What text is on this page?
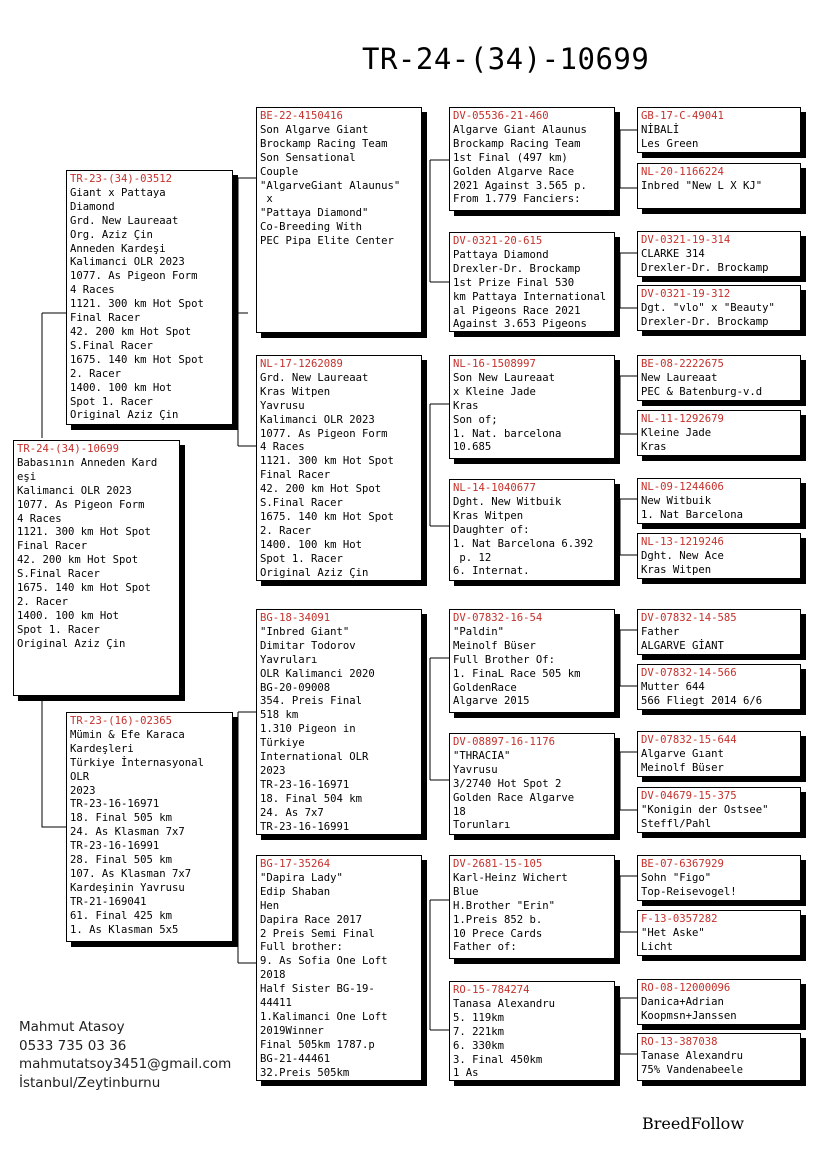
TR-24-(34)-10699
TR-24-(34)-10699
Babasının Anneden Kard
eşi
Kalimanci OLR 2023
1077. As Pigeon Form
4 Races
1121. 300 km Hot Spot
Final Racer
42. 200 km Hot Spot
S.Final Racer
1675. 140 km Hot Spot
2. Racer
1400. 100 km Hot
Spot 1. Racer
Original Aziz Çin
TR-23-(34)-03512
Giant x Pattaya
Diamond
Grd. New Laureaat
Org. Aziz Çin
Anneden Kardeşi
Kalimanci OLR 2023
1077. As Pigeon Form
4 Races
1121. 300 km Hot Spot
Final Racer
42. 200 km Hot Spot
S.Final Racer
1675. 140 km Hot Spot
2. Racer
1400. 100 km Hot
Spot 1. Racer
Original Aziz Çin
TR-23-(16)-02365
Mümin & Efe Karaca
Kardeşleri
Türkiye İnternasyonal
OLR
2023
TR-23-16-16971
18. Final 505 km
24. As Klasman 7x7
TR-23-16-16991
28. Final 505 km
107. As Klasman 7x7
Kardeşinin Yavrusu
TR-21-169041
61. Final 425 km
1. As Klasman 5x5
BE-22-4150416
Son Algarve Giant
Brockamp Racing Team
Son Sensational
Couple
"AlgarveGiant Alaunus"
x
"Pattaya Diamond"
Co-Breeding With
PEC Pipa Elite Center
NL-17-1262089
Grd. New Laureaat
Kras Witpen
Yavrusu
Kalimanci OLR 2023
1077. As Pigeon Form
4 Races
1121. 300 km Hot Spot
Final Racer
42. 200 km Hot Spot
S.Final Racer
1675. 140 km Hot Spot
2. Racer
1400. 100 km Hot
Spot 1. Racer
Original Aziz Çin
BG-18-34091
"Inbred Giant"
Dimitar Todorov
Yavruları
OLR Kalimanci 2020
BG-20-09008
354. Preis Final
518 km
1.310 Pigeon in
Türkiye
International OLR
2023
TR-23-16-16971
18. Final 504 km
24. As 7x7
TR-23-16-16991
BG-17-35264
"Dapira Lady"
Edip Shaban
Hen
Dapira Race 2017
2 Preis Semi Final
Full brother:
9. As Sofia One Loft
2018
Half Sister BG-19-
44411
1.Kalimanci One Loft
2019Winner
Final 505km 1787.p
BG-21-44461
32.Preis 505km
DV-05536-21-460
Algarve Giant Alaunus
Brockamp Racing Team
1st Final (497 km)
Golden Algarve Race
2021 Against 3.565 p.
From 1.779 Fanciers:
DV-0321-20-615
Pattaya Diamond
Drexler-Dr. Brockamp
1st Prize Final 530
km Pattaya International
al Pigeons Race 2021
Against 3.653 Pigeons
NL-16-1508997
Son New Laureaat
x Kleine Jade
Kras
Son of;
1. Nat. barcelona
10.685
NL-14-1040677
Dght. New Witbuik
Kras Witpen
Daughter of:
1. Nat Barcelona 6.392
p. 12
6. Internat.
DV-07832-16-54
"Paldin"
Meinolf Büser
Full Brother Of:
1. FinaL Race 505 km
GoldenRace
Algarve 2015
DV-08897-16-1176
"THRACIA"
Yavrusu
3/2740 Hot Spot 2
Golden Race Algarve
18
Torunları
DV-2681-15-105
Karl-Heinz Wichert
Blue
H.Brother "Erin"
1.Preis 852 b.
10 Prece Cards
Father of:
RO-15-784274
Tanasa Alexandru
5. 119km
7. 221km
6. 330km
3. Final 450km
1 As
GB-17-C-49041
NİBALİ
Les Green
NL-20-1166224
Inbred "New L X KJ"
DV-0321-19-314
CLARKE 314
Drexler-Dr. Brockamp
DV-0321-19-312
Dgt. "vlo" x "Beauty"
Drexler-Dr. Brockamp
BE-08-2222675
New Laureaat
PEC & Batenburg-v.d
NL-11-1292679
Kleine Jade
Kras
NL-09-1244606
New Witbuik
1. Nat Barcelona
NL-13-1219246
Dght. New Ace
Kras Witpen
DV-07832-14-585
Father
ALGARVE GİANT
DV-07832-14-566
Mutter 644
566 Fliegt 2014 6/6
DV-07832-15-644
Algarve Gıant
Meinolf Büser
DV-04679-15-375
"Konigin der Ostsee"
Steffl/Pahl
BE-07-6367929
Sohn "Figo"
Top-Reisevogel!
F-13-0357282
"Het Aske"
Licht
RO-08-12000096
Danica+Adrian
Koopmsn+Janssen
RO-13-387038
Tanase Alexandru
75% Vandenabeele
Mahmut Atasoy
0533 735 03 36
mahmutatsoy3451@gmail.com
İstanbul/Zeytinburnu
BreedFollow
